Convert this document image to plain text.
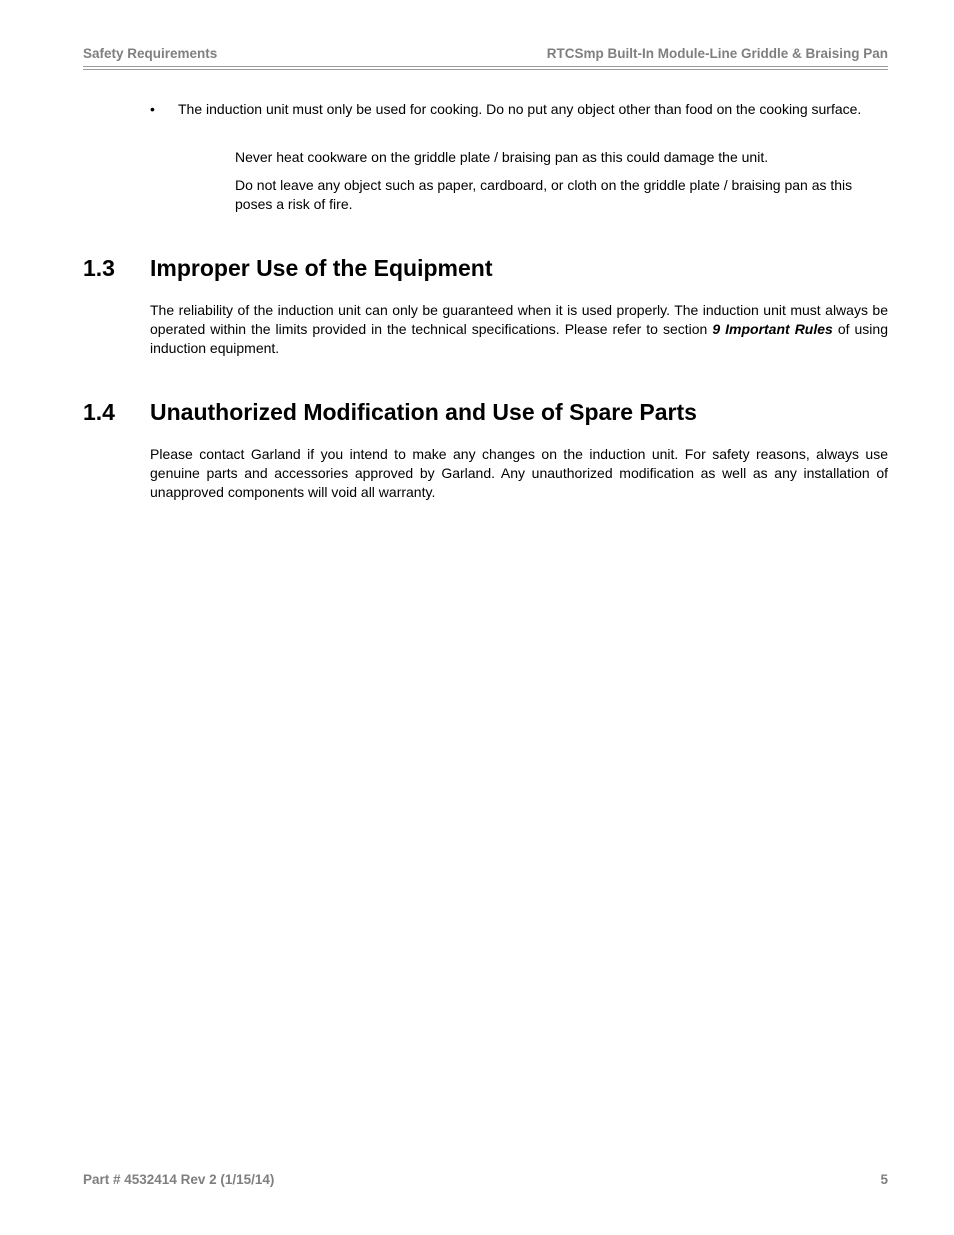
Safety Requirements	RTCSmp Built-In Module-Line Griddle & Braising Pan
• The induction unit must only be used for cooking. Do no put any object other than food on the cooking surface.
Never heat cookware on the griddle plate / braising pan as this could damage the unit.
Do not leave any object such as paper, cardboard, or cloth on the griddle plate / braising pan as this poses a risk of fire.
1.3 Improper Use of the Equipment
The reliability of the induction unit can only be guaranteed when it is used properly. The induction unit must always be operated within the limits provided in the technical specifications. Please refer to section 9 Important Rules of using induction equipment.
1.4 Unauthorized Modification and Use of Spare Parts
Please contact Garland if you intend to make any changes on the induction unit. For safety reasons, always use genuine parts and accessories approved by Garland. Any unauthorized modification as well as any installation of unapproved components will void all warranty.
Part # 4532414 Rev 2 (1/15/14)	5
